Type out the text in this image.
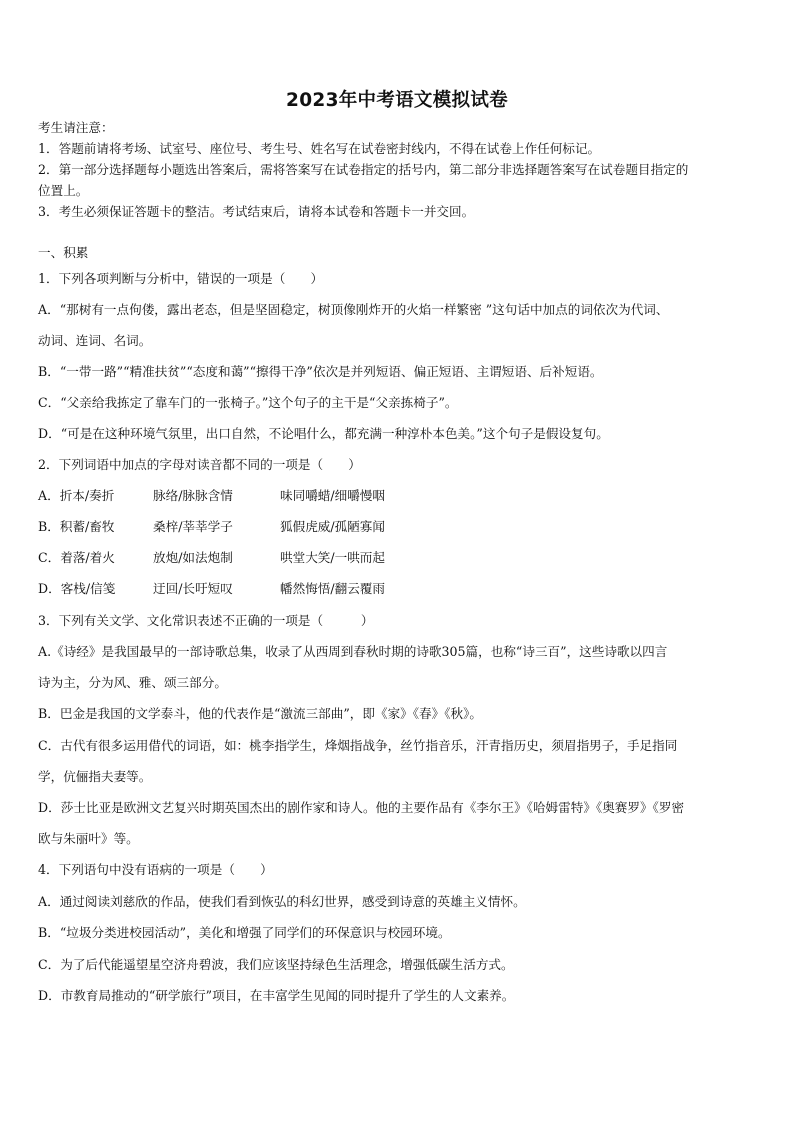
2023年中考语文模拟试卷
考生请注意：
1．答题前请将考场、试室号、座位号、考生号、姓名写在试卷密封线内，不得在试卷上作任何标记。
2．第一部分选择题每小题选出答案后，需将答案写在试卷指定的括号内，第二部分非选择题答案写在试卷题目指定的
位置上。
3．考生必须保证答题卡的整洁。考试结束后，请将本试卷和答题卡一并交回。
一、积累
1．下列各项判断与分析中，错误的一项是（　　）
A．“那树有一点佝偻，露出老态，但是坚固稳定，树顶像刚炸开的火焰一样繁密 ”这句话中加点的词依次为代词、
动词、连词、名词。
B．“一带一路”“精准扶贫”“态度和蔼”“擦得干净”依次是并列短语、偏正短语、主谓短语、后补短语。
C．“父亲给我拣定了靠车门的一张椅子。”这个句子的主干是“父亲拣椅子”。
D．“可是在这种环境气氛里，出口自然，不论唱什么，都充满一种淳朴本色美。”这个句子是假设复句。
2．下列词语中加点的字母对读音都不同的一项是（　　）
A．折本/奏折	脉络/脉脉含情	味同嚼蜡/细嚼慢咽
B．积蓄/畜牧	桑梓/莘莘学子	狐假虎威/孤陋寡闻
C．着落/着火	放炮/如法炮制	哄堂大笑/一哄而起
D．客栈/信笺	迂回/长吁短叹	幡然悔悟/翻云覆雨
3．下列有关文学、文化常识表述不正确的一项是（　　　）
A.《诗经》是我国最早的一部诗歌总集，收录了从西周到春秋时期的诗歌305篇，也称“诗三百”，这些诗歌以四言
诗为主，分为风、雅、颂三部分。
B．巴金是我国的文学泰斗，他的代表作是“激流三部曲”，即《家》《春》《秋》。
C．古代有很多运用借代的词语，如：桃李指学生，烽烟指战争，丝竹指音乐，汗青指历史，须眉指男子，手足指同
学，伉俪指夫妻等。
D．莎士比亚是欧洲文艺复兴时期英国杰出的剧作家和诗人。他的主要作品有《李尔王》《哈姆雷特》《奥赛罗》《罗密
欧与朱丽叶》等。
4．下列语句中没有语病的一项是（　　）
A．通过阅读刘慈欣的作品，使我们看到恢弘的科幻世界，感受到诗意的英雄主义情怀。
B．“垃圾分类进校园活动”，美化和增强了同学们的环保意识与校园环境。
C．为了后代能遥望星空济舟碧波，我们应该坚持绿色生活理念，增强低碳生活方式。
D．市教育局推动的“研学旅行”项目，在丰富学生见闻的同时提升了学生的人文素养。
